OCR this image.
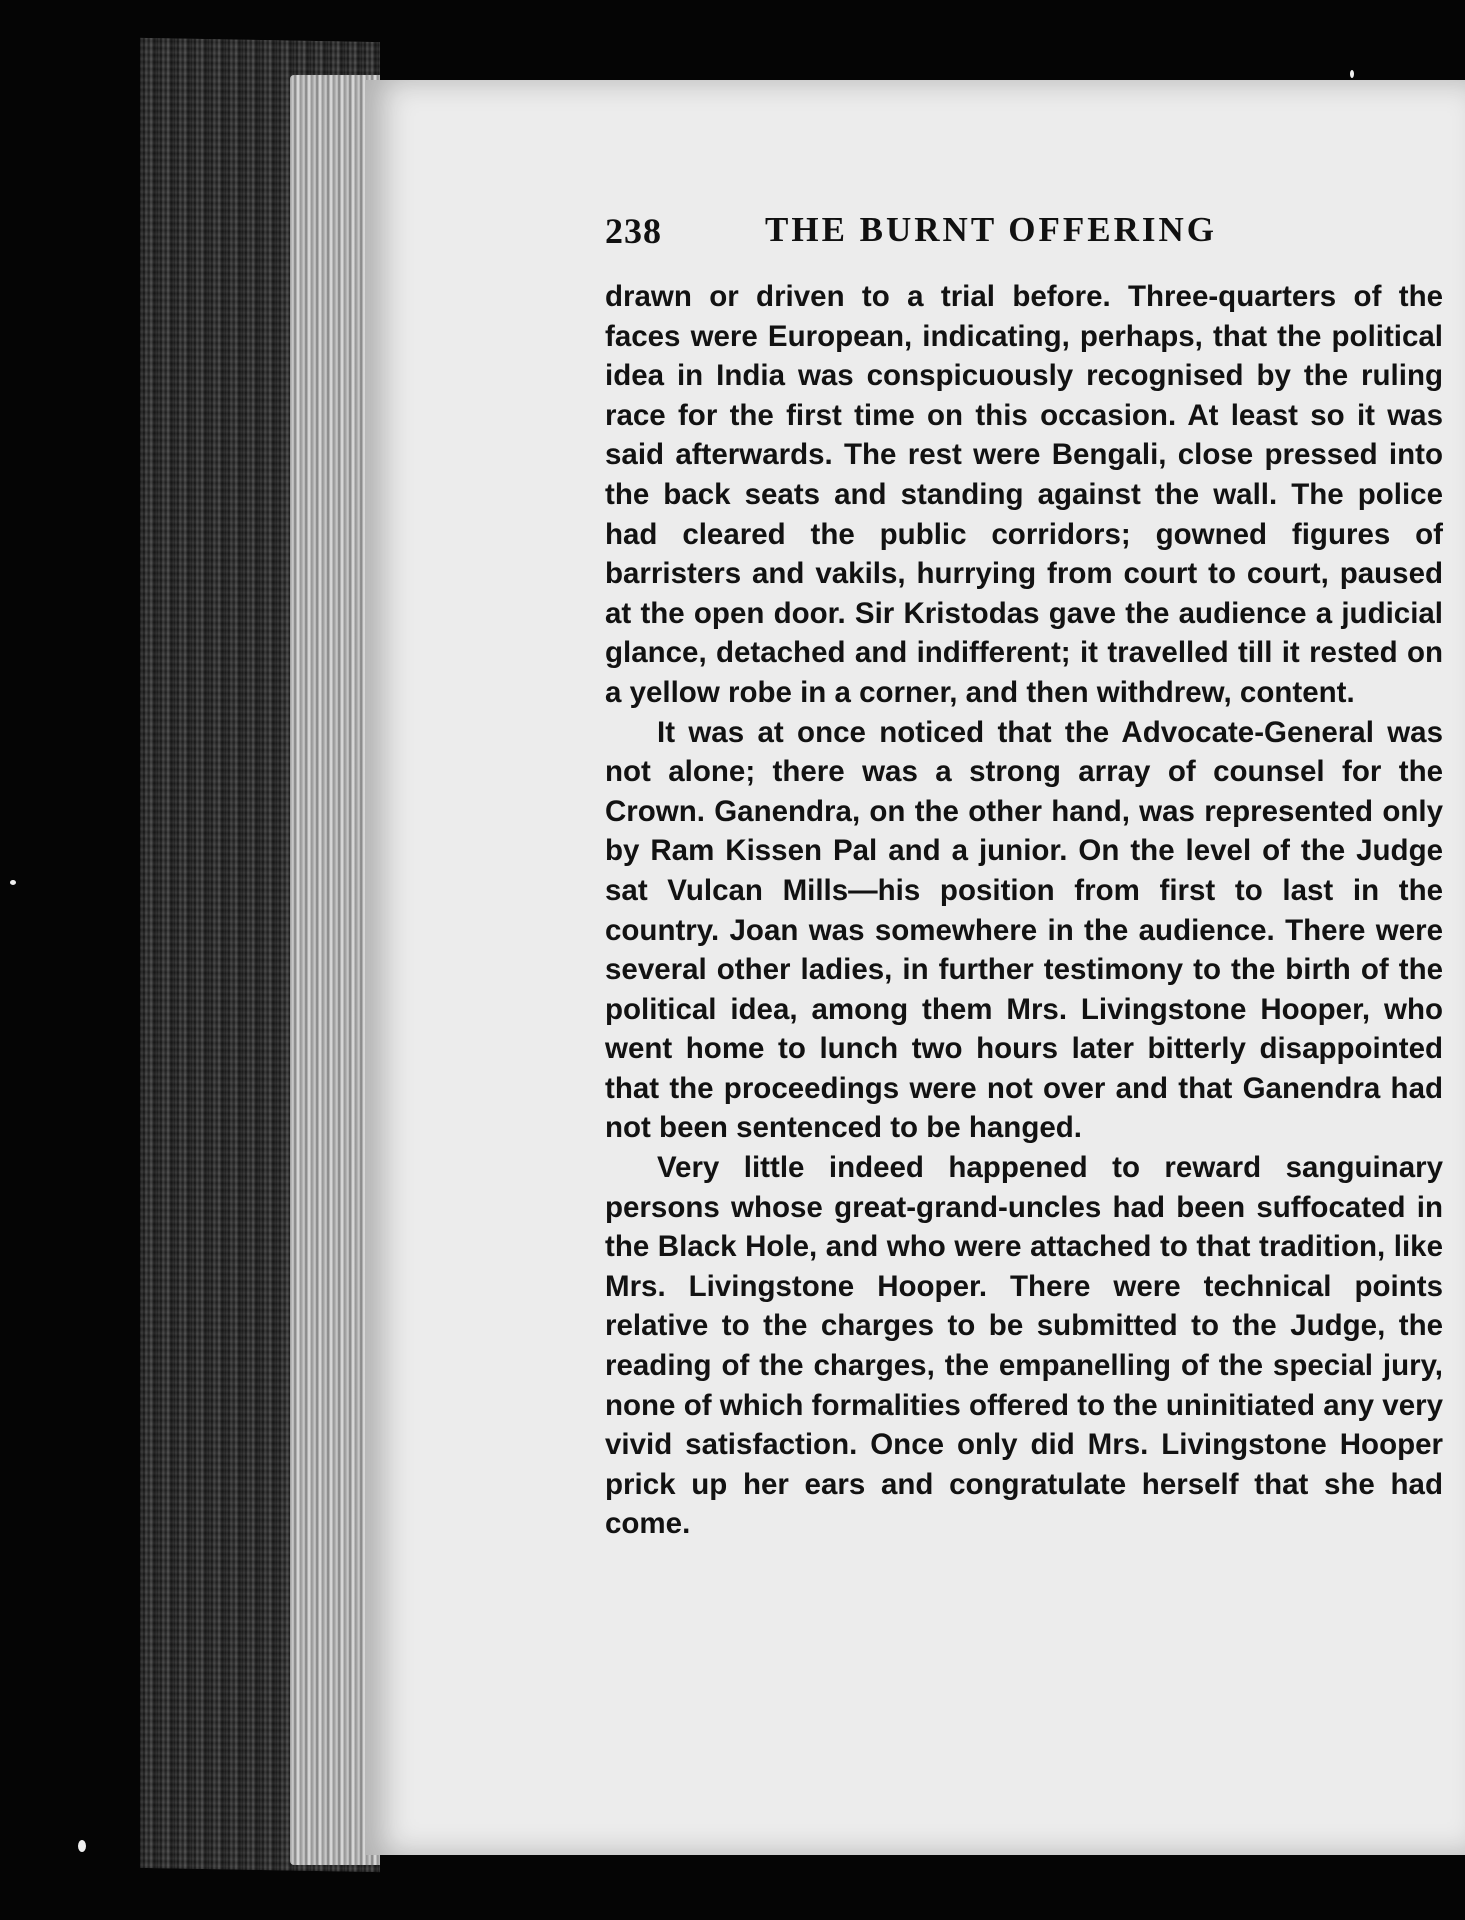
238	THE BURNT OFFERING

drawn or driven to a trial before. Three-quarters of the faces were European, indicating, perhaps, that the political idea in India was conspicuously recognised by the ruling race for the first time on this occasion. At least so it was said afterwards. The rest were Bengali, close pressed into the back seats and standing against the wall. The police had cleared the public corridors; gowned figures of barristers and vakils, hurrying from court to court, paused at the open door. Sir Kristodas gave the audience a judicial glance, detached and indifferent; it travelled till it rested on a yellow robe in a corner, and then withdrew, content.

It was at once noticed that the Advocate-General was not alone; there was a strong array of counsel for the Crown. Ganendra, on the other hand, was represented only by Ram Kissen Pal and a junior. On the level of the Judge sat Vulcan Mills—his position from first to last in the country. Joan was somewhere in the audience. There were several other ladies, in further testimony to the birth of the political idea, among them Mrs. Livingstone Hooper, who went home to lunch two hours later bitterly disappointed that the proceedings were not over and that Ganendra had not been sentenced to be hanged.

Very little indeed happened to reward sanguinary persons whose great-grand-uncles had been suffocated in the Black Hole, and who were attached to that tradition, like Mrs. Livingstone Hooper. There were technical points relative to the charges to be submitted to the Judge, the reading of the charges, the empanelling of the special jury, none of which formalities offered to the uninitiated any very vivid satisfaction. Once only did Mrs. Livingstone Hooper prick up her ears and congratulate herself that she had come.
